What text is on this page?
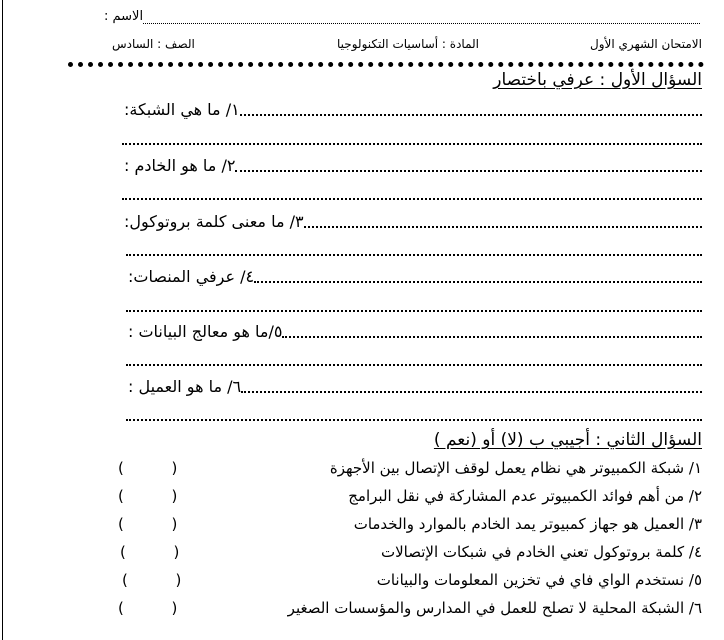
الاسم :
الامتحان الشهري الأول
المادة : أساسيات التكنولوجيا
الصف : السادس
السؤال الأول : عرفي باختصار
١/ ما هي الشبكة:
٢/ ما هو الخادم :
٣/ ما معنى كلمة بروتوكول:
٤/ عرفي المنصات:
٥/ما هو معالج البيانات :
٦/ ما هو العميل :
السؤال الثاني : أجيبي ب (لا) أو (نعم )
١/ شبكة الكمبيوتر هي نظام يعمل لوقف الإتصال بين الأجهزة
(          )
٢/ من أهم فوائد الكمبيوتر عدم المشاركة في نقل البرامج
(          )
٣/ العميل هو جهاز كمبيوتر يمد الخادم بالموارد والخدمات
(          )
٤/ كلمة بروتوكول تعني الخادم في شبكات الإتصالات
(          )
٥/ نستخدم الواي فاي في تخزين المعلومات والبيانات
(          )
٦/ الشبكة المحلية لا تصلح للعمل في المدارس والمؤسسات الصغير
(          )
